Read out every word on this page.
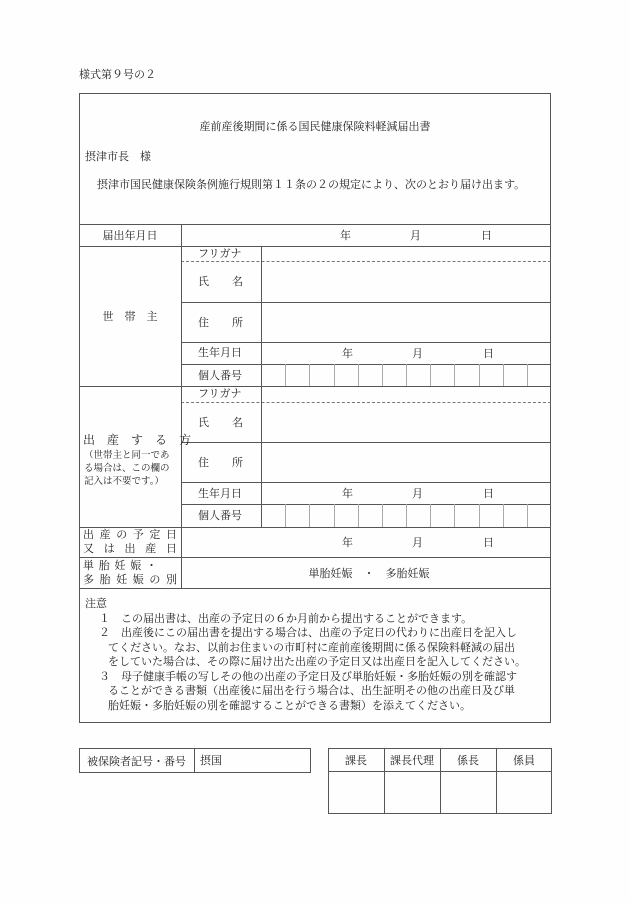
様式第９号の２
産前産後期間に係る国民健康保険料軽減届出書
摂津市長　様
摂津市国民健康保険条例施行規則第１１条の２の規定により、次のとおり届け出ます。
届出年月日	年	月	日
世　帯　主
フリガナ
氏 名
住 所
生年月日	年	月	日
個人番号
出　産　す　る　方
（世帯主と同一であ
る場合は、この欄の
記入は不要です。）
フリガナ
氏 名
住 所
生年月日	年	月	日
個人番号
出 産 の 予 定 日
又 は 出 産 日	年	月	日
単 胎 妊 娠 ・
多 胎 妊 娠 の 別	単胎妊娠　・　多胎妊娠

注意

１　この届出書は、出産の予定日の６か月前から提出することができます。

２　出産後にこの届出書を提出する場合は、出産の予定日の代わりに出産日を記入し

てください。なお、以前お住まいの市町村に産前産後期間に係る保険料軽減の届出

をしていた場合は、その際に届け出た出産の予定日又は出産日を記入してください。

３　母子健康手帳の写しその他の出産の予定日及び単胎妊娠・多胎妊娠の別を確認す

ることができる書類（出産後に届出を行う場合は、出生証明その他の出産日及び単

胎妊娠・多胎妊娠の別を確認することができる書類）を添えてください。

被保険者記号・番号	摂国	課長	課長代理	係長	係員
